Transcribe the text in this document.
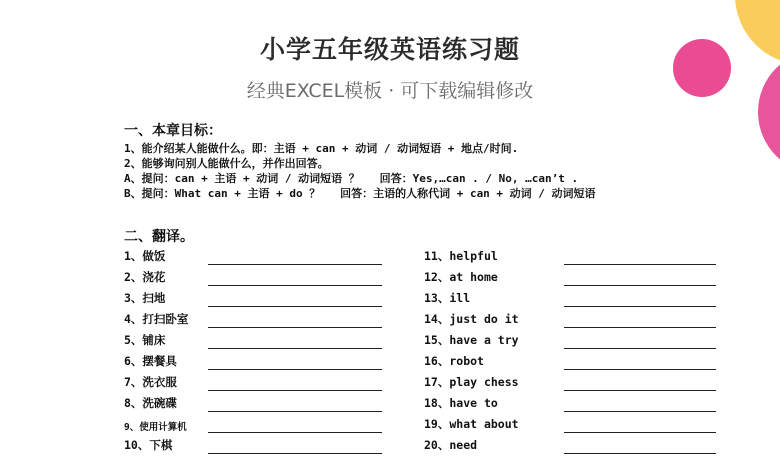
小学五年级英语练习题
经典EXCEL模板 · 可下载编辑修改
一、本章目标：
1、能介绍某人能做什么。即：主语 + can + 动词 / 动词短语 + 地点/时间.
2、能够询问别人能做什么，并作出回答。
A、提问：can + 主语 + 动词 / 动词短语 ？   回答：Yes,…can . / No, …can’t .
B、提问：What can + 主语 + do ？   回答：主语的人称代词 + can + 动词 / 动词短语
二、翻译。
1、做饭	11、helpful
2、浇花	12、at home
3、扫地	13、ill
4、打扫卧室	14、just do it
5、铺床	15、have a try
6、摆餐具	16、robot
7、洗衣服	17、play chess
8、洗碗碟	18、have to
9、使用计算机	19、what about
10、下棋	20、need
